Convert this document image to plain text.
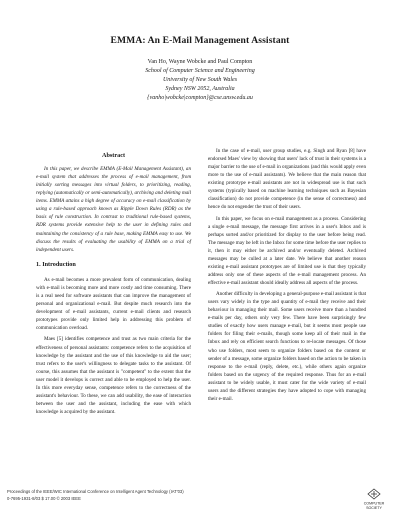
EMMA: An E-Mail Management Assistant
Van Ho, Wayne Wobcke and Paul Compton
School of Computer Science and Engineering
University of New South Wales
Sydney NSW 2052, Australia
{vanho|wobcke|compton}@cse.unsw.edu.au
Abstract

In this paper, we describe EMMA (E-Mail Management Assistant), an e-mail system that addresses the process of e-mail management, from initially sorting messages into virtual folders, to prioritizing, reading, replying (automatically or semi-automatically), archiving and deleting mail items. EMMA attains a high degree of accuracy on e-mail classification by using a rule-based approach known as Ripple Down Rules (RDR) as the basis of rule construction. In contrast to traditional rule-based systems, RDR systems provide extensive help to the user in defining rules and maintaining the consistency of a rule base, making EMMA easy to use. We discuss the results of evaluating the usability of EMMA on a trial of independent users.

1. Introduction

As e-mail becomes a more prevalent form of communication, dealing with e-mail is becoming more and more costly and time consuming. There is a real need for software assistants that can improve the management of personal and organizational e-mail. But despite much research into the development of e-mail assistants, current e-mail clients and research prototypes provide only limited help in addressing this problem of communication overload.

Maes [5] identifies competence and trust as two main criteria for the effectiveness of personal assistants: competence refers to the acquisition of knowledge by the assistant and the use of this knowledge to aid the user; trust refers to the user's willingness to delegate tasks to the assistant. Of course, this assumes that the assistant is "competent" to the extent that the user model it develops is correct and able to be employed to help the user. In this more everyday sense, competence refers to the correctness of the assistant's behaviour. To these, we can add usability, the ease of interaction between the user and the assistant, including the ease with which knowledge is acquired by the assistant.

In the case of e-mail, user group studies, e.g. Singh and Ryan [8] have endorsed Maes' view by showing that users' lack of trust in their systems is a major barrier to the use of e-mail in organizations (and this would apply even more to the use of e-mail assistants). We believe that the main reason that existing prototype e-mail assistants are not in widespread use is that such systems (typically based on machine learning techniques such as Bayesian classification) do not provide competence (in the sense of correctness) and hence do not engender the trust of their users.

In this paper, we focus on e-mail management as a process. Considering a single e-mail message, the message first arrives in a user's Inbox and is perhaps sorted and/or prioritized for display to the user before being read. The message may be left in the Inbox for some time before the user replies to it, then it may either be archived and/or eventually deleted. Archived messages may be culled at a later date. We believe that another reason existing e-mail assistant prototypes are of limited use is that they typically address only one of these aspects of the e-mail management process. An effective e-mail assistant should ideally address all aspects of the process.

Another difficulty in developing a general-purpose e-mail assistant is that users vary widely in the type and quantity of e-mail they receive and their behaviour in managing their mail. Some users receive more than a hundred e-mails per day, others only very few. There have been surprisingly few studies of exactly how users manage e-mail, but it seems most people use folders for filing their e-mails, though some keep all of their mail in the Inbox and rely on efficient search functions to re-locate messages. Of those who use folders, most seem to organize folders based on the content or sender of a message, some organize folders based on the action to be taken in response to the e-mail (reply, delete, etc.), while others again organize folders based on the urgency of the required response. Thus for an e-mail assistant to be widely usable, it must cater for the wide variety of e-mail users and the different strategies they have adopted to cope with managing their e-mail.

Proceedings of the IEEE/WIC International Conference on Intelligent Agent Technology (IAT'03)
0-7695-1931-8/03 $ 17.00 © 2003 IEEE
COMPUTER
SOCIETY
